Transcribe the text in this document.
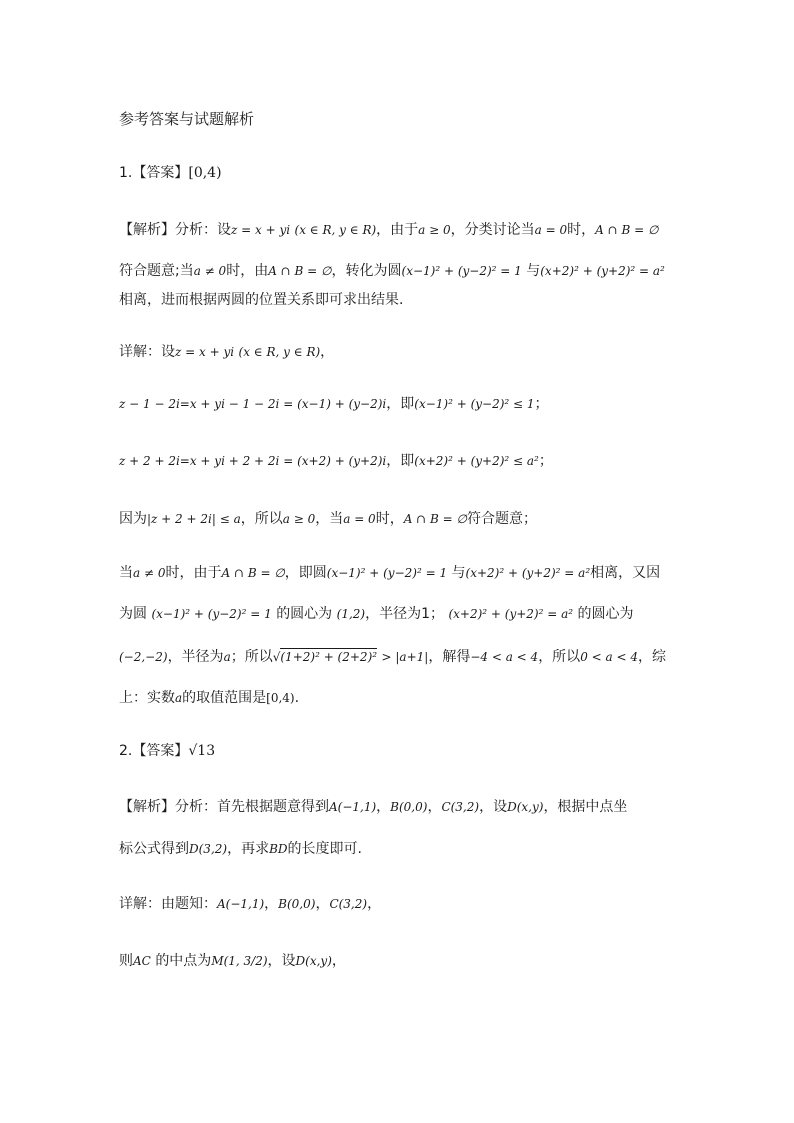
参考答案与试题解析
1.【答案】[0,4)
【解析】分析：设z = x + yi (x ∈ R, y ∈ R)，由于a ≥ 0，分类讨论当a = 0时，A ∩ B = ∅
符合题意;当a ≠ 0时，由A ∩ B = ∅，转化为圆(x−1)² + (y−2)² = 1 与(x+2)² + (y+2)² = a²
相离，进而根据两圆的位置关系即可求出结果.
详解：设z = x + yi (x ∈ R, y ∈ R)，
z − 1 − 2i=x + yi − 1 − 2i = (x−1) + (y−2)i，即(x−1)² + (y−2)² ≤ 1；
z + 2 + 2i=x + yi + 2 + 2i = (x+2) + (y+2)i，即(x+2)² + (y+2)² ≤ a²；
因为|z + 2 + 2i| ≤ a，所以a ≥ 0，当a = 0时，A ∩ B = ∅符合题意；
当a ≠ 0时，由于A ∩ B = ∅，即圆(x−1)² + (y−2)² = 1 与(x+2)² + (y+2)² = a²相离，又因
为圆 (x−1)² + (y−2)² = 1 的圆心为 (1,2)，半径为1； (x+2)² + (y+2)² = a² 的圆心为
(−2,−2)，半径为a；所以√(1+2)² + (2+2)² > |a+1|，解得−4 < a < 4，所以0 < a < 4，综
上：实数a的取值范围是[0,4).
2.【答案】√13
【解析】分析：首先根据题意得到A(−1,1)，B(0,0)，C(3,2)，设D(x,y)，根据中点坐
标公式得到D(3,2)，再求BD的长度即可.
详解：由题知：A(−1,1)，B(0,0)，C(3,2)，
则AC 的中点为M(1, 3/2)，设D(x,y)，
